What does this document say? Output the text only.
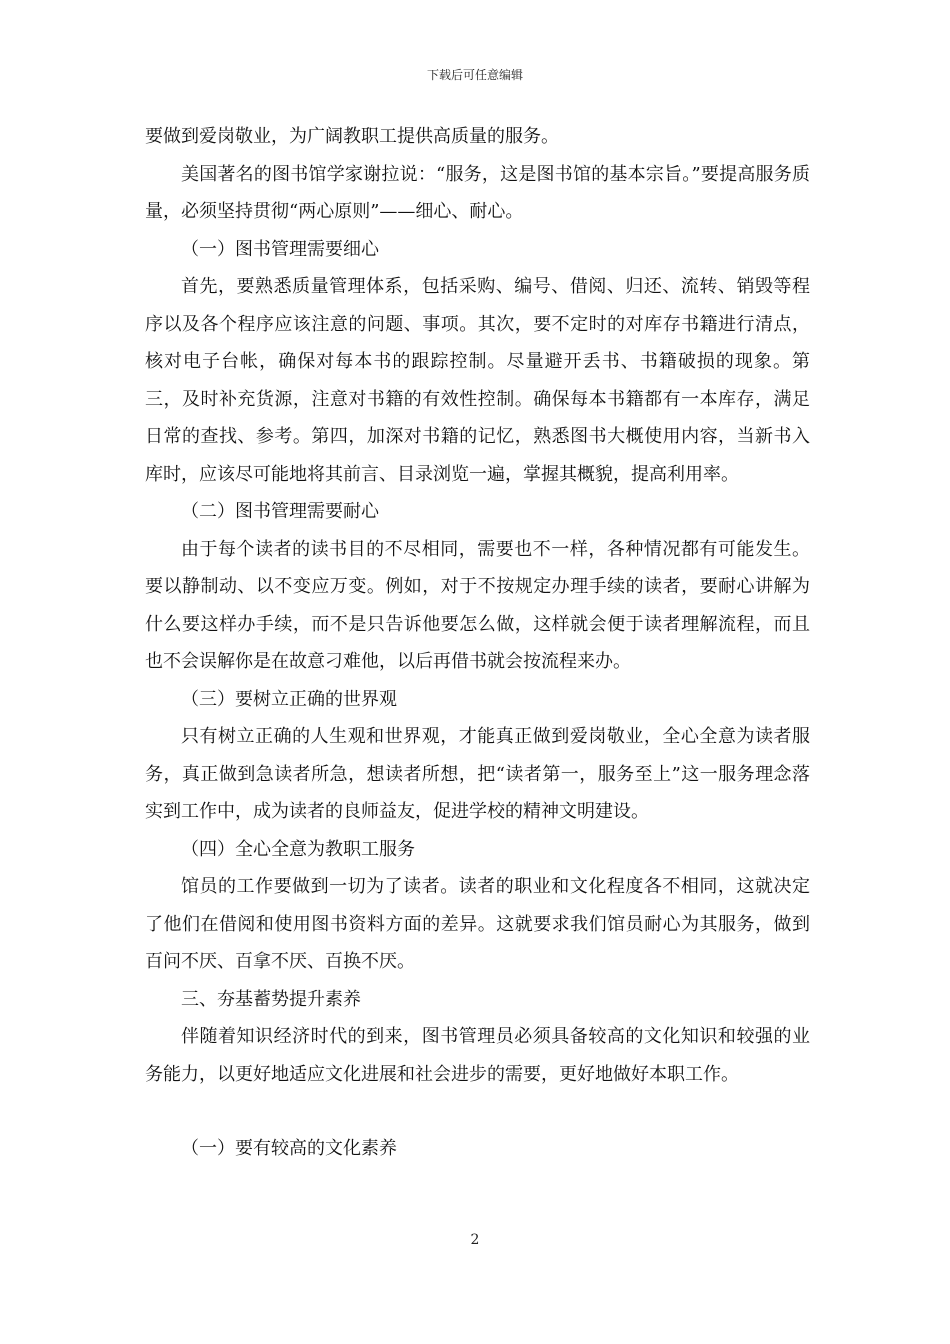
下载后可任意编辑

要做到爱岗敬业，为广阔教职工提供高质量的服务。

美国著名的图书馆学家谢拉说：“服务，这是图书馆的基本宗旨。”要提高服务质量，必须坚持贯彻“两心原则”——细心、耐心。

（一）图书管理需要细心

首先，要熟悉质量管理体系，包括采购、编号、借阅、归还、流转、销毁等程序以及各个程序应该注意的问题、事项。其次，要不定时的对库存书籍进行清点，核对电子台帐，确保对每本书的跟踪控制。尽量避开丢书、书籍破损的现象。第三，及时补充货源，注意对书籍的有效性控制。确保每本书籍都有一本库存，满足日常的查找、参考。第四，加深对书籍的记忆，熟悉图书大概使用内容，当新书入库时，应该尽可能地将其前言、目录浏览一遍，掌握其概貌，提高利用率。

（二）图书管理需要耐心

由于每个读者的读书目的不尽相同，需要也不一样，各种情况都有可能发生。要以静制动、以不变应万变。例如，对于不按规定办理手续的读者，要耐心讲解为什么要这样办手续，而不是只告诉他要怎么做，这样就会便于读者理解流程，而且也不会误解你是在故意刁难他，以后再借书就会按流程来办。

（三）要树立正确的世界观

只有树立正确的人生观和世界观，才能真正做到爱岗敬业，全心全意为读者服务，真正做到急读者所急，想读者所想，把“读者第一，服务至上”这一服务理念落实到工作中，成为读者的良师益友，促进学校的精神文明建设。

（四）全心全意为教职工服务

馆员的工作要做到一切为了读者。读者的职业和文化程度各不相同，这就决定了他们在借阅和使用图书资料方面的差异。这就要求我们馆员耐心为其服务，做到百问不厌、百拿不厌、百换不厌。

三、夯基蓄势提升素养

伴随着知识经济时代的到来，图书管理员必须具备较高的文化知识和较强的业务能力，以更好地适应文化进展和社会进步的需要，更好地做好本职工作。

（一）要有较高的文化素养

2
